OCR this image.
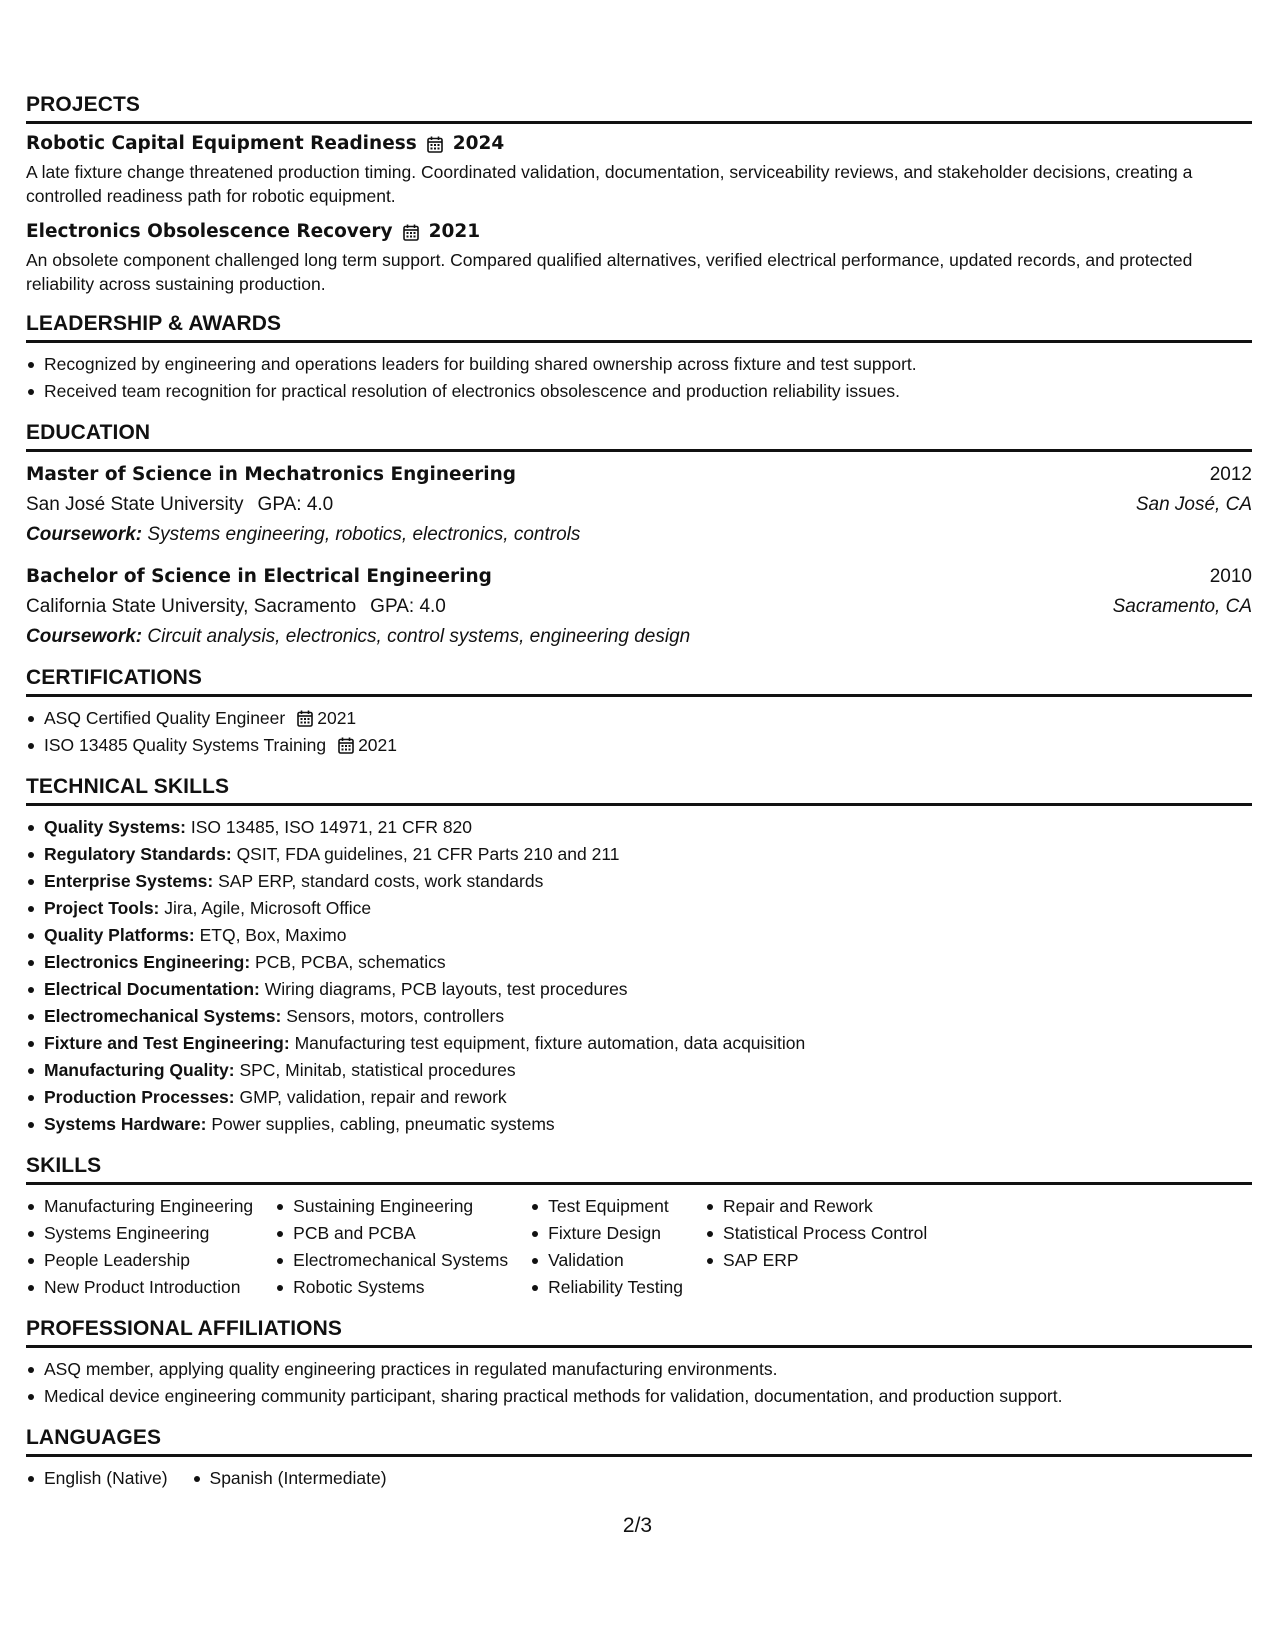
PROJECTS
Robotic Capital Equipment Readiness 2024
A late fixture change threatened production timing. Coordinated validation, documentation, serviceability reviews, and stakeholder decisions, creating a controlled readiness path for robotic equipment.
Electronics Obsolescence Recovery 2021
An obsolete component challenged long term support. Compared qualified alternatives, verified electrical performance, updated records, and protected reliability across sustaining production.
LEADERSHIP & AWARDS
Recognized by engineering and operations leaders for building shared ownership across fixture and test support.
Received team recognition for practical resolution of electronics obsolescence and production reliability issues.
EDUCATION
Master of Science in Mechatronics Engineering	2012
San José State University GPA: 4.0	San José, CA
Coursework: Systems engineering, robotics, electronics, controls
Bachelor of Science in Electrical Engineering	2010
California State University, Sacramento GPA: 4.0	Sacramento, CA
Coursework: Circuit analysis, electronics, control systems, engineering design
CERTIFICATIONS
ASQ Certified Quality Engineer 2021
ISO 13485 Quality Systems Training 2021
TECHNICAL SKILLS
Quality Systems: ISO 13485, ISO 14971, 21 CFR 820
Regulatory Standards: QSIT, FDA guidelines, 21 CFR Parts 210 and 211
Enterprise Systems: SAP ERP, standard costs, work standards
Project Tools: Jira, Agile, Microsoft Office
Quality Platforms: ETQ, Box, Maximo
Electronics Engineering: PCB, PCBA, schematics
Electrical Documentation: Wiring diagrams, PCB layouts, test procedures
Electromechanical Systems: Sensors, motors, controllers
Fixture and Test Engineering: Manufacturing test equipment, fixture automation, data acquisition
Manufacturing Quality: SPC, Minitab, statistical procedures
Production Processes: GMP, validation, repair and rework
Systems Hardware: Power supplies, cabling, pneumatic systems
SKILLS
Manufacturing Engineering
Systems Engineering
People Leadership
New Product Introduction
Sustaining Engineering
PCB and PCBA
Electromechanical Systems
Robotic Systems
Test Equipment
Fixture Design
Validation
Reliability Testing
Repair and Rework
Statistical Process Control
SAP ERP
PROFESSIONAL AFFILIATIONS
ASQ member, applying quality engineering practices in regulated manufacturing environments.
Medical device engineering community participant, sharing practical methods for validation, documentation, and production support.
LANGUAGES
English (Native) Spanish (Intermediate)
2/3
